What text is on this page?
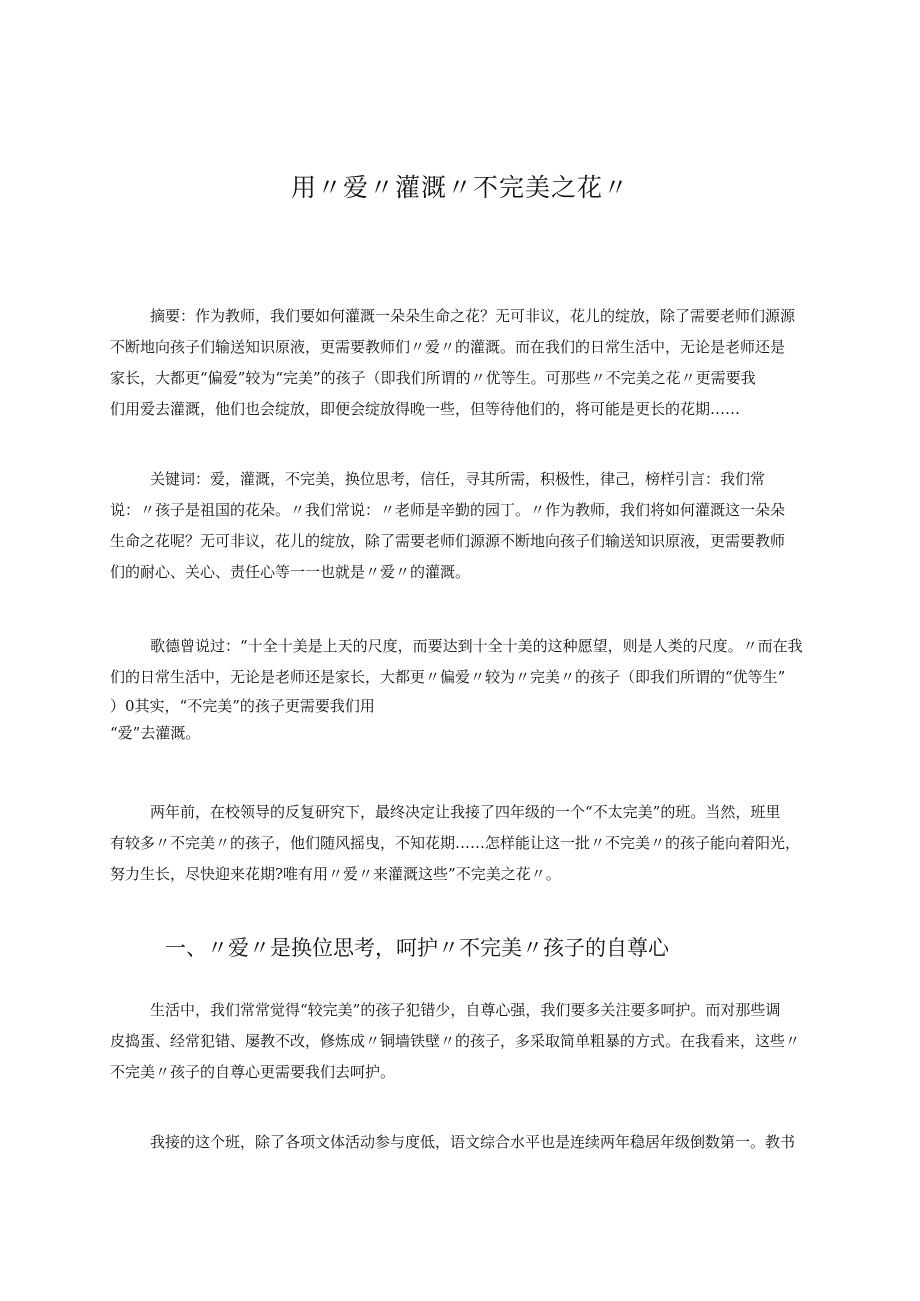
用〃爱〃灌溉〃不完美之花〃

摘要：作为教师，我们要如何灌溉一朵朵生命之花？无可非议，花儿的绽放，除了需要老师们源源
不断地向孩子们输送知识原液，更需要教师们〃爱〃的灌溉。而在我们的日常生活中，无论是老师还是
家长，大都更“偏爱”较为“完美”的孩子（即我们所谓的〃优等生。可那些〃不完美之花〃更需要我
们用爱去灌溉，他们也会绽放，即便会绽放得晚一些，但等待他们的，将可能是更长的花期……

关键词：爱，灌溉，不完美，换位思考，信任，寻其所需，积极性，律己，榜样引言：我们常
说：〃孩子是祖国的花朵。〃我们常说：〃老师是辛勤的园丁。〃作为教师，我们将如何灌溉这一朵朵
生命之花呢？无可非议，花儿的绽放，除了需要老师们源源不断地向孩子们输送知识原液，更需要教师
们的耐心、关心、责任心等一一也就是〃爱〃的灌溉。

歌德曾说过：“十全十美是上天的尺度，而要达到十全十美的这种愿望，则是人类的尺度。〃而在我
们的日常生活中，无论是老师还是家长，大都更〃偏爱〃较为〃完美〃的孩子（即我们所谓的“优等生”
）0其实，“不完美”的孩子更需要我们用
“爱”去灌溉。

两年前，在校领导的反复研究下，最终决定让我接了四年级的一个“不太完美”的班。当然，班里
有较多〃不完美〃的孩子，他们随风摇曳，不知花期……怎样能让这一批〃不完美〃的孩子能向着阳光，
努力生长，尽快迎来花期?唯有用〃爱〃来灌溉这些”不完美之花〃。

一、〃爱〃是换位思考，呵护〃不完美〃孩子的自尊心

生活中，我们常常觉得“较完美”的孩子犯错少，自尊心强，我们要多关注要多呵护。而对那些调
皮捣蛋、经常犯错、屡教不改，修炼成〃铜墙铁壁〃的孩子，多采取简单粗暴的方式。在我看来，这些〃
不完美〃孩子的自尊心更需要我们去呵护。

我接的这个班，除了各项文体活动参与度低，语文综合水平也是连续两年稳居年级倒数第一。教书
